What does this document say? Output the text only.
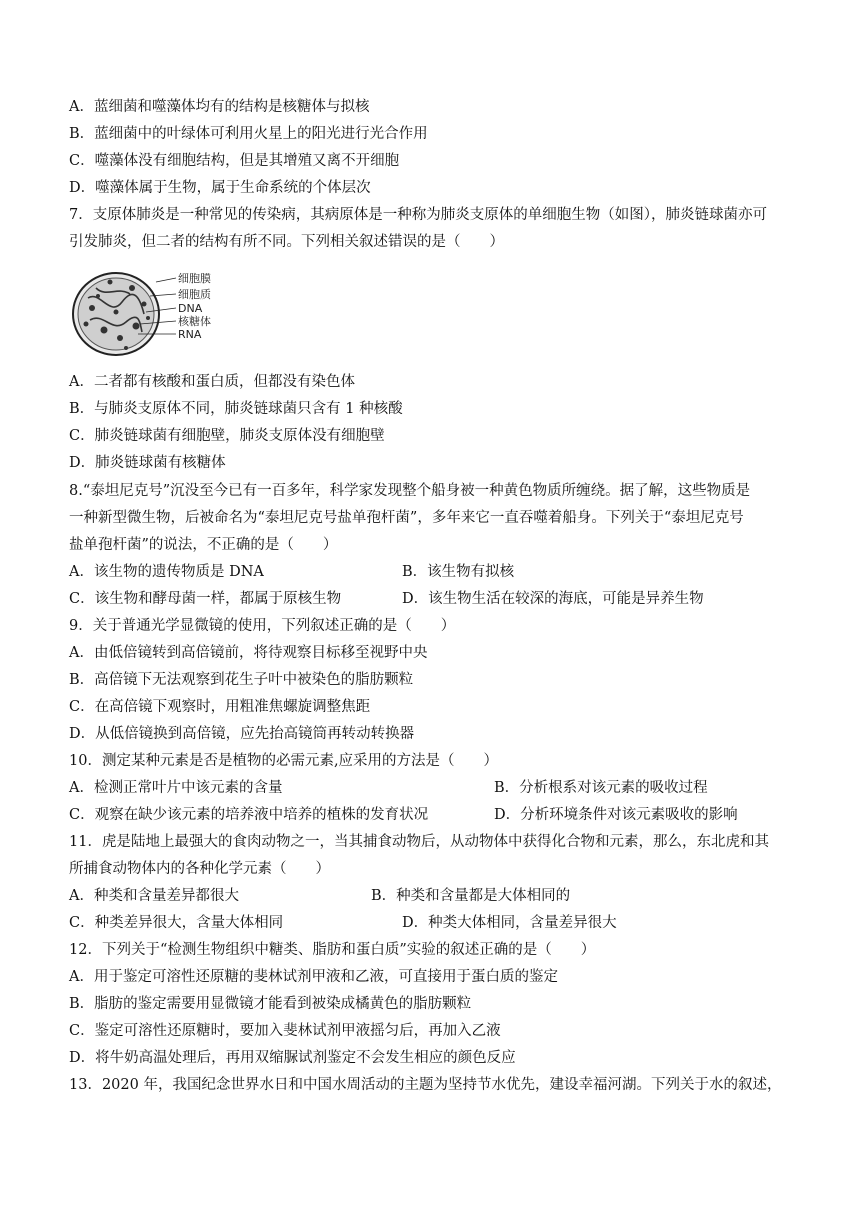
A．蓝细菌和噬藻体均有的结构是核糖体与拟核
B．蓝细菌中的叶绿体可利用火星上的阳光进行光合作用
C．噬藻体没有细胞结构，但是其增殖又离不开细胞
D．噬藻体属于生物，属于生命系统的个体层次
7．支原体肺炎是一种常见的传染病，其病原体是一种称为肺炎支原体的单细胞生物（如图），肺炎链球菌亦可
引发肺炎，但二者的结构有所不同。下列相关叙述错误的是（　　）
细胞膜
细胞质
DNA
核糖体
RNA
A．二者都有核酸和蛋白质，但都没有染色体
B．与肺炎支原体不同，肺炎链球菌只含有 1 种核酸
C．肺炎链球菌有细胞壁，肺炎支原体没有细胞壁
D．肺炎链球菌有核糖体
8.“泰坦尼克号”沉没至今已有一百多年，科学家发现整个船身被一种黄色物质所缠绕。据了解，这些物质是
一种新型微生物，后被命名为“泰坦尼克号盐单孢杆菌”，多年来它一直吞噬着船身。下列关于“泰坦尼克号
盐单孢杆菌”的说法，不正确的是（　　）
A．该生物的遗传物质是 DNA	B．该生物有拟核
C．该生物和酵母菌一样，都属于原核生物	D．该生物生活在较深的海底，可能是异养生物
9．关于普通光学显微镜的使用，下列叙述正确的是（　　）
A．由低倍镜转到高倍镜前，将待观察目标移至视野中央
B．高倍镜下无法观察到花生子叶中被染色的脂肪颗粒
C．在高倍镜下观察时，用粗准焦螺旋调整焦距
D．从低倍镜换到高倍镜，应先抬高镜筒再转动转换器
10．测定某种元素是否是植物的必需元素,应采用的方法是（　　）
A．检测正常叶片中该元素的含量	B．分析根系对该元素的吸收过程
C．观察在缺少该元素的培养液中培养的植株的发育状况	D．分析环境条件对该元素吸收的影响
11．虎是陆地上最强大的食肉动物之一，当其捕食动物后，从动物体中获得化合物和元素，那么，东北虎和其
所捕食动物体内的各种化学元素（　　）
A．种类和含量差异都很大	B．种类和含量都是大体相同的
C．种类差异很大，含量大体相同	D．种类大体相同，含量差异很大
12．下列关于“检测生物组织中糖类、脂肪和蛋白质”实验的叙述正确的是（　　）
A．用于鉴定可溶性还原糖的斐林试剂甲液和乙液，可直接用于蛋白质的鉴定
B．脂肪的鉴定需要用显微镜才能看到被染成橘黄色的脂肪颗粒
C．鉴定可溶性还原糖时，要加入斐林试剂甲液摇匀后，再加入乙液
D．将牛奶高温处理后，再用双缩脲试剂鉴定不会发生相应的颜色反应
13．2020 年，我国纪念世界水日和中国水周活动的主题为坚持节水优先，建设幸福河湖。下列关于水的叙述，
